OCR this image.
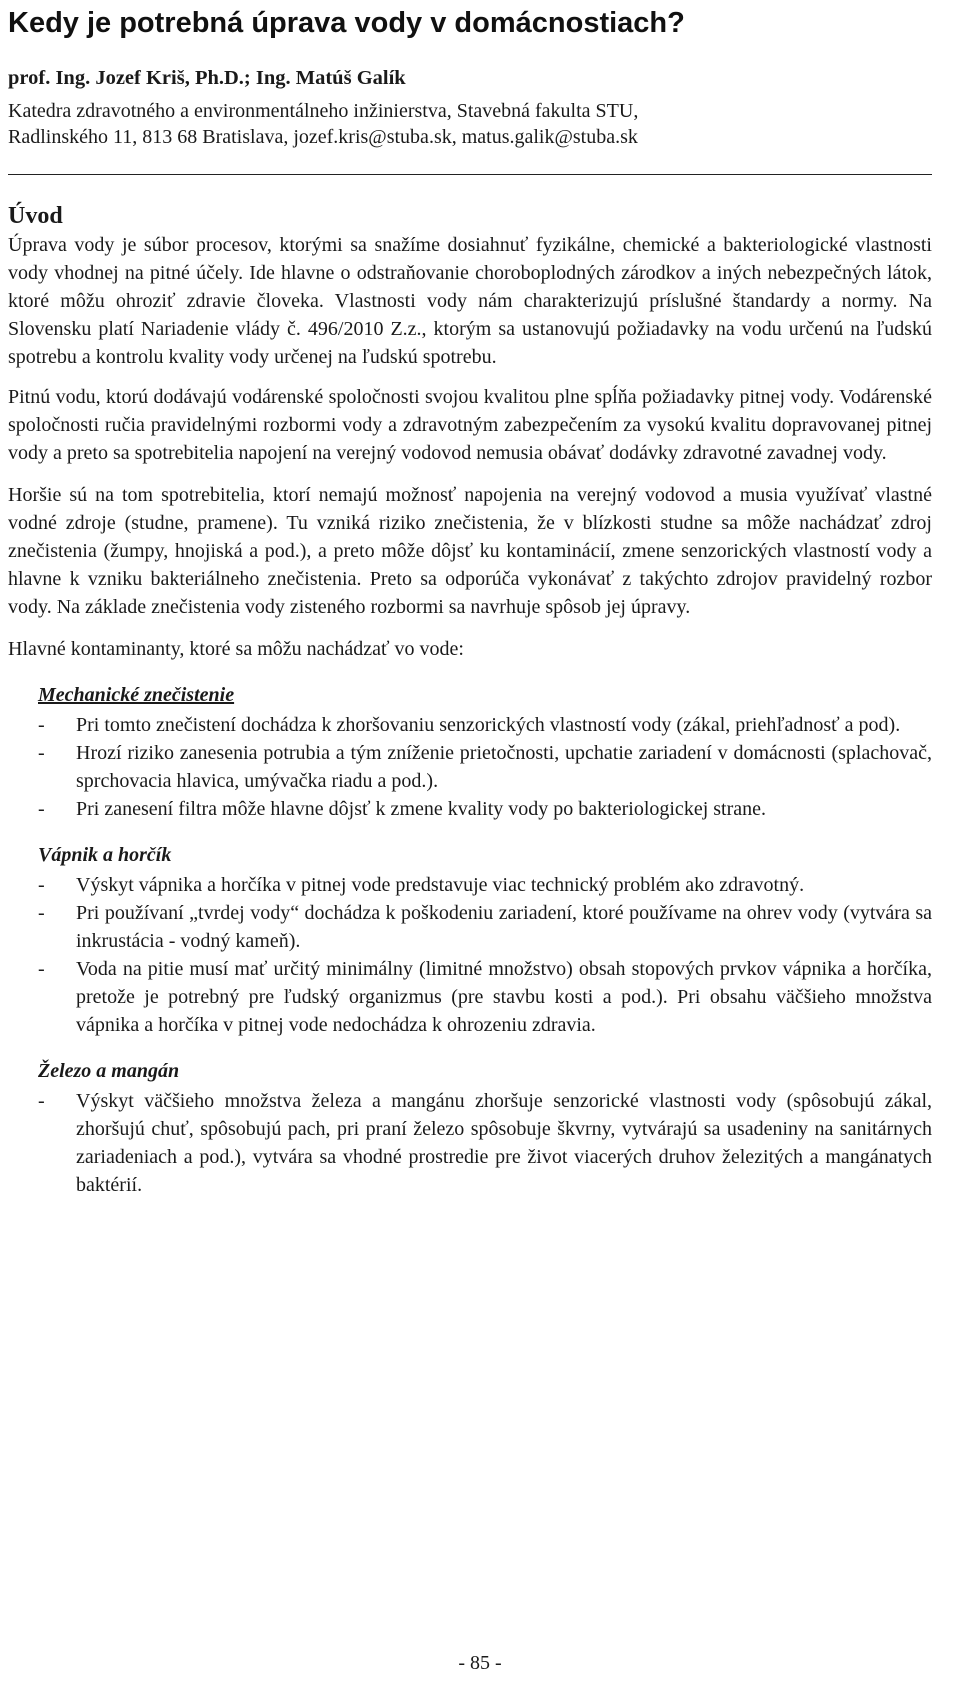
Kedy je potrebná úprava vody v domácnostiach?
prof. Ing. Jozef Kriš, Ph.D.; Ing. Matúš Galík
Katedra zdravotného a environmentálneho inžinierstva, Stavebná fakulta STU,
Radlinského 11, 813 68 Bratislava, jozef.kris@stuba.sk, matus.galik@stuba.sk
Úvod

Úprava vody je súbor procesov, ktorými sa snažíme dosiahnuť fyzikálne, chemické a bakteriologické vlastnosti vody vhodnej na pitné účely. Ide hlavne o odstraňovanie choroboplodných zárodkov a iných nebezpečných látok, ktoré môžu ohroziť zdravie človeka. Vlastnosti vody nám charakterizujú príslušné štandardy a normy. Na Slovensku platí Nariadenie vlády č. 496/2010 Z.z., ktorým sa ustanovujú požiadavky na vodu určenú na ľudskú spotrebu a kontrolu kvality vody určenej na ľudskú spotrebu.

Pitnú vodu, ktorú dodávajú vodárenské spoločnosti svojou kvalitou plne spĺňa požiadavky pitnej vody. Vodárenské spoločnosti ručia pravidelnými rozbormi vody a zdravotným zabezpečením za vysokú kvalitu dopravovanej pitnej vody a preto sa spotrebitelia napojení na verejný vodovod nemusia obávať dodávky zdravotné zavadnej vody.

Horšie sú na tom spotrebitelia, ktorí nemajú možnosť napojenia na verejný vodovod a musia využívať vlastné vodné zdroje (studne, pramene). Tu vzniká riziko znečistenia, že v blízkosti studne sa môže nachádzať zdroj znečistenia (žumpy, hnojiská a pod.), a preto môže dôjsť ku kontaminácií, zmene senzorických vlastností vody a hlavne k vzniku bakteriálneho znečistenia. Preto sa odporúča vykonávať z takýchto zdrojov pravidelný rozbor vody. Na základe znečistenia vody zisteného rozbormi sa navrhuje spôsob jej úpravy.

Hlavné kontaminanty, ktoré sa môžu nachádzať vo vode:

Mechanické znečistenie
- Pri tomto znečistení dochádza k zhoršovaniu senzorických vlastností vody (zákal, priehľadnosť a pod).
- Hrozí riziko zanesenia potrubia a tým zníženie prietočnosti, upchatie zariadení v domácnosti (splachovač, sprchovacia hlavica, umývačka riadu a pod.).
- Pri zanesení filtra môže hlavne dôjsť k zmene kvality vody po bakteriologickej strane.
Vápnik a horčík
- Výskyt vápnika a horčíka v pitnej vode predstavuje viac technický problém ako zdravotný.
- Pri používaní „tvrdej vody“ dochádza k poškodeniu zariadení, ktoré používame na ohrev vody (vytvára sa inkrustácia - vodný kameň).
- Voda na pitie musí mať určitý minimálny (limitné množstvo) obsah stopových prvkov vápnika a horčíka, pretože je potrebný pre ľudský organizmus (pre stavbu kosti a pod.). Pri obsahu väčšieho množstva vápnika a horčíka v pitnej vode nedochádza k ohrozeniu zdravia.
Železo a mangán
- Výskyt väčšieho množstva železa a mangánu zhoršuje senzorické vlastnosti vody (spôsobujú zákal, zhoršujú chuť, spôsobujú pach, pri praní železo spôsobuje škvrny, vytvárajú sa usadeniny na sanitárnych zariadeniach a pod.), vytvára sa vhodné prostredie pre život viacerých druhov železitých a mangánatych baktérií.
- 85 -
